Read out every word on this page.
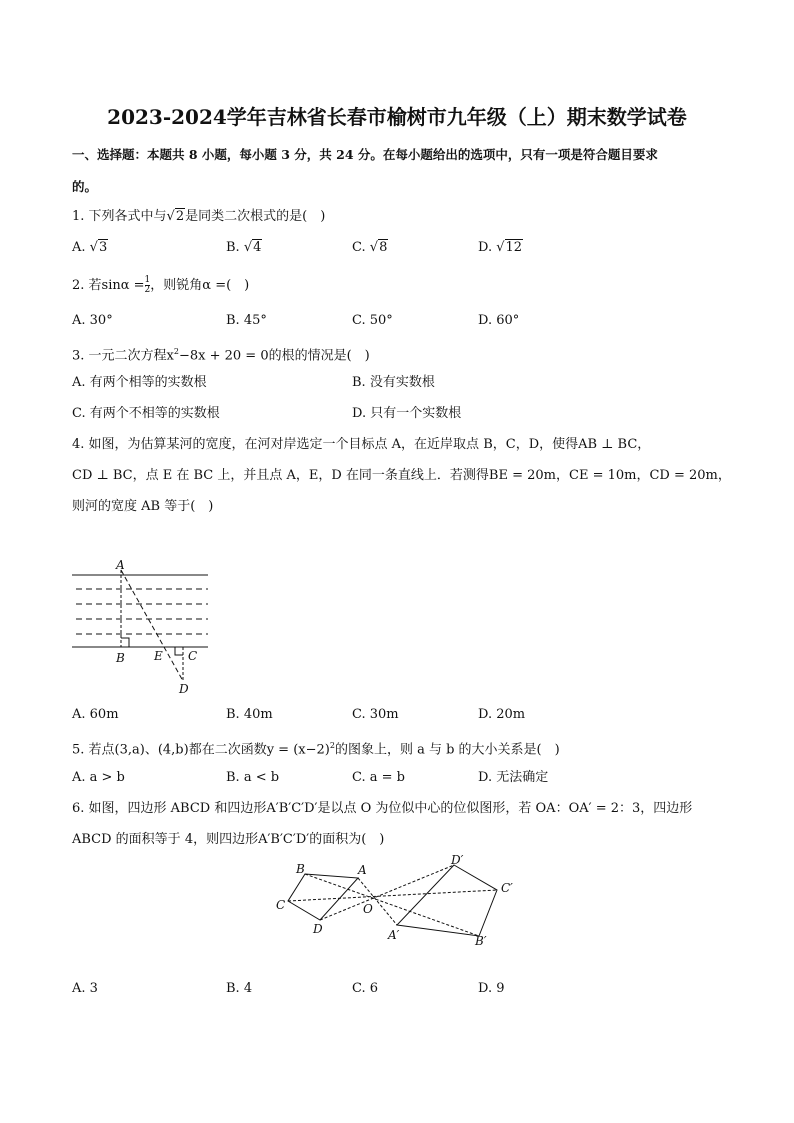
2023-2024学年吉林省长春市榆树市九年级（上）期末数学试卷
一、选择题：本题共 8 小题，每小题 3 分，共 24 分。在每小题给出的选项中，只有一项是符合题目要求
的。
1. 下列各式中与√2是同类二次根式的是(　)
A. √3	B. √4	C. √8	D. √12
2. 若$\sin\alpha = \frac{1}{2}$ ，则锐角α =(　)
A. 30°	B. 45°	C. 50°	D. 60°
3. 一元二次方程$x^2-8x + 20 = 0$的根的情况是(　)
A. 有两个相等的实数根	B. 没有实数根
C. 有两个不相等的实数根	D. 只有一个实数根
4. 如图，为估算某河的宽度，在河对岸选定一个目标点 A，在近岸取点 B，C，D，使得AB ⊥ BC，
CD ⊥ BC，点 E 在 BC 上，并且点 A，E，D 在同一条直线上．若测得BE = 20m，CE = 10m，CD = 20m，
则河的宽度 AB 等于(　)
A
B E C
D
A. 60m	B. 40m	C. 30m	D. 20m
5. 若点(3,a)、(4,b)都在二次函数$y = (x-2)^2$的图象上，则 a 与 b 的大小关系是(　)
A. a > b	B. a < b	C. a = b	D. 无法确定
6. 如图，四边形 ABCD 和四边形A′B′C′D′是以点 O 为位似中心的位似图形，若 OA：OA′ = 2：3，四边形
ABCD 的面积等于 4，则四边形A′B′C′D′的面积为(　)
B	A
C
D
O
D′
C′
A′	B′
A. 3	B. 4	C. 6	D. 9
